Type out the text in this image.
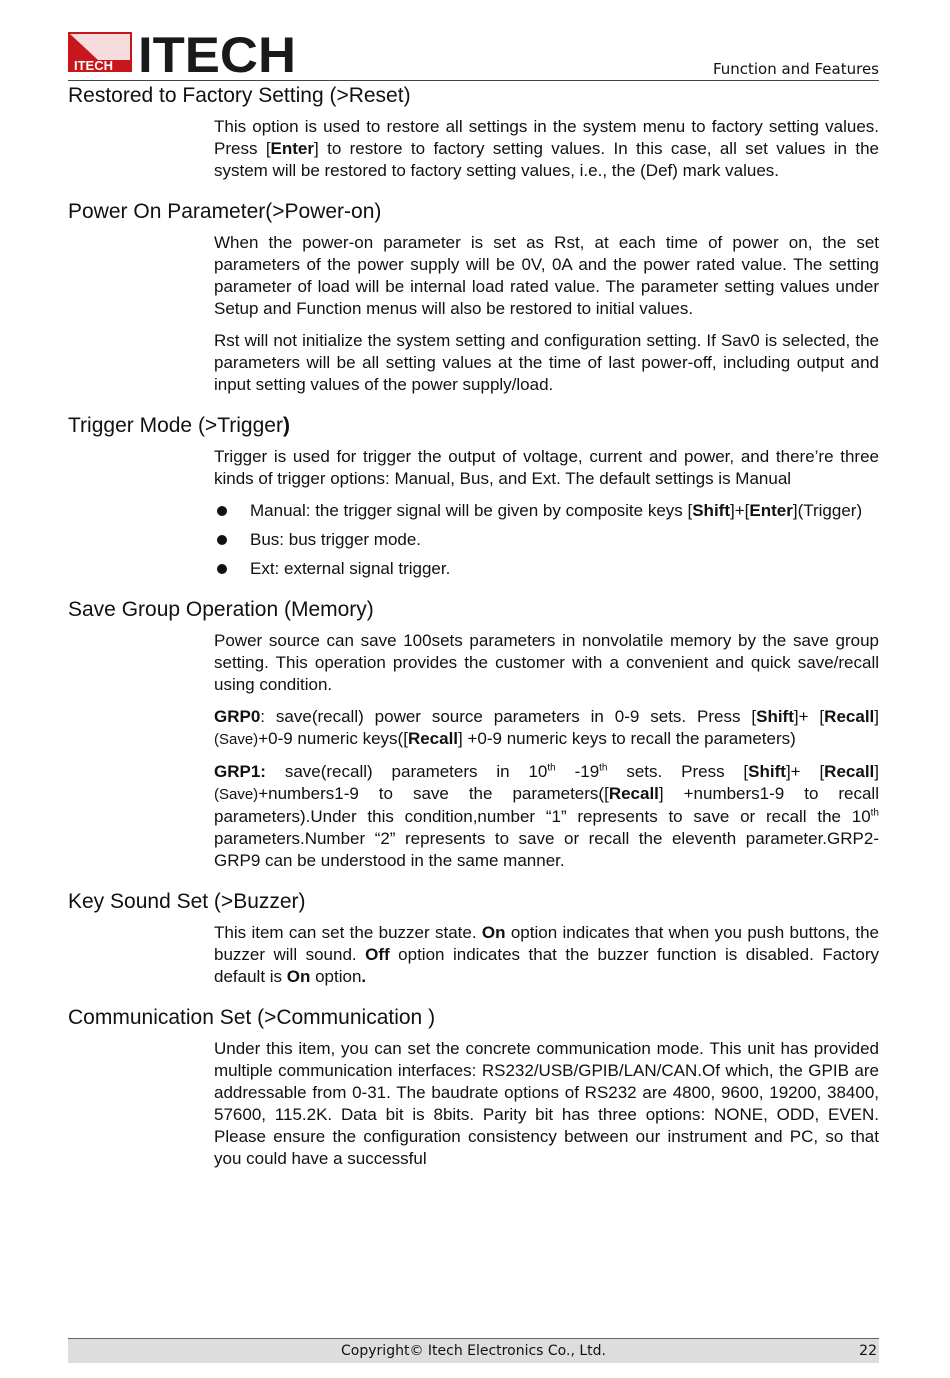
ITECH ITECH	Function and Features
Restored to Factory Setting (>Reset)

This option is used to restore all settings in the system menu to factory setting values. Press [Enter] to restore to factory setting values. In this case, all set values in the system will be restored to factory setting values, i.e., the (Def) mark values.

Power On Parameter(>Power-on)

When the power-on parameter is set as Rst, at each time of power on, the set parameters of the power supply will be 0V, 0A and the power rated value. The setting parameter of load will be internal load rated value. The parameter setting values under Setup and Function menus will also be restored to initial values.

Rst will not initialize the system setting and configuration setting. If Sav0 is selected, the parameters will be all setting values at the time of last power-off, including output and input setting values of the power supply/load.

Trigger Mode (>Trigger)

Trigger is used for trigger the output of voltage, current and power, and there’re three kinds of trigger options: Manual, Bus, and Ext. The default settings is Manual

Manual: the trigger signal will be given by composite keys [Shift]+[Enter](Trigger)
Bus: bus trigger mode.
Ext: external signal trigger.
Save Group Operation (Memory)

Power source can save 100sets parameters in nonvolatile memory by the save group setting. This operation provides the customer with a convenient and quick save/recall using condition.

GRP0: save(recall) power source parameters in 0-9 sets. Press [Shift]+ [Recall](Save)+0-9 numeric keys([Recall] +0-9 numeric keys to recall the parameters)

GRP1: save(recall) parameters in 10th -19th sets. Press [Shift]+ [Recall](Save)+numbers1-9 to save the parameters([Recall] +numbers1-9 to recall parameters).Under this condition,number “1” represents to save or recall the 10th parameters.Number “2” represents to save or recall the eleventh parameter.GRP2-GRP9 can be understood in the same manner.

Key Sound Set (>Buzzer)

This item can set the buzzer state. On option indicates that when you push buttons, the buzzer will sound. Off option indicates that the buzzer function is disabled. Factory default is On option.

Communication Set (>Communication )

Under this item, you can set the concrete communication mode. This unit has provided multiple communication interfaces: RS232/USB/GPIB/LAN/CAN.Of which, the GPIB are addressable from 0-31. The baudrate options of RS232 are 4800, 9600, 19200, 38400, 57600, 115.2K. Data bit is 8bits. Parity bit has three options: NONE, ODD, EVEN. Please ensure the configuration consistency between our instrument and PC, so that you could have a successful

Copyright© Itech Electronics Co., Ltd.	22
